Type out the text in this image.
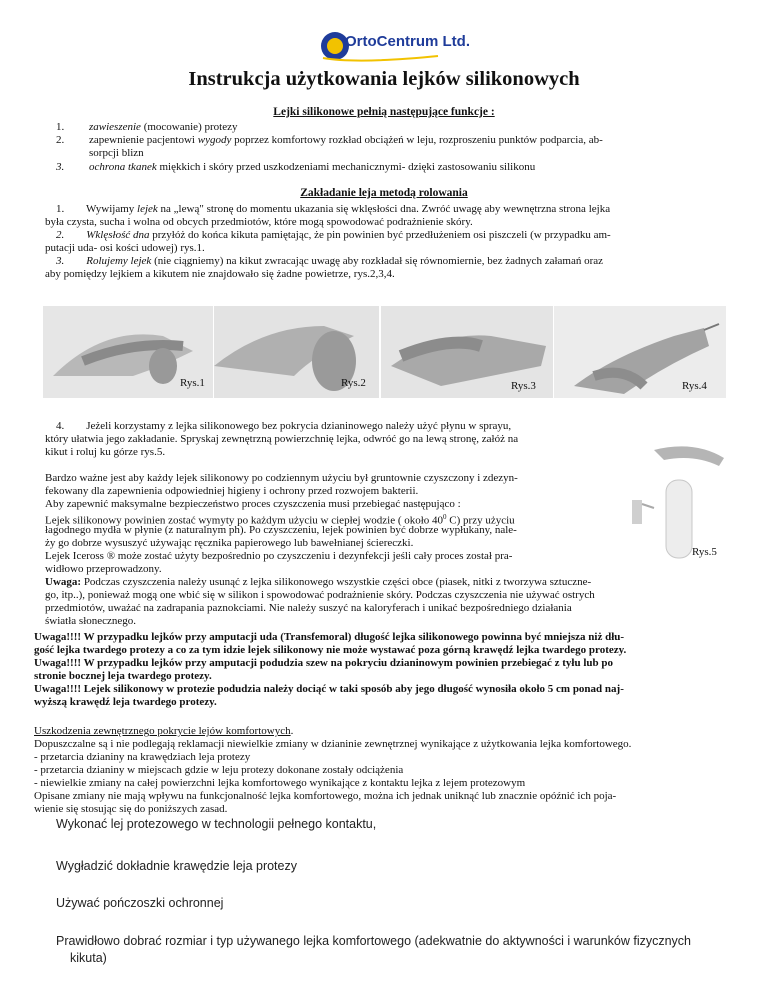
OrtoCentrum Ltd.
Instrukcja użytkowania lejków silikonowych
Lejki silikonowe pełnią następujące funkcje :
1. zawieszenie (mocowanie) protezy
2. zapewnienie pacjentowi wygody poprzez komfortowy rozkład obciążeń w leju, rozproszeniu punktów podparcia, ab-
sorpcji blizn
3. ochrona tkanek miękkich i skóry przed uszkodzeniami mechanicznymi- dzięki zastosowaniu silikonu
Zakładanie leja metodą rolowania
1.        Wywijamy lejek na „lewą" stronę do momentu ukazania się wklęsłości dna. Zwróć uwagę aby wewnętrzna strona lejka
była czysta, sucha i wolna od obcych przedmiotów, które mogą spowodować podrażnienie skóry.
2.        Wklęsłość dna przyłóż do końca kikuta pamiętając, że pin powinien być przedłużeniem osi piszczeli (w przypadku am-
putacji uda- osi kości udowej) rys.1.
3.        Rolujemy lejek (nie ciągniemy) na kikut zwracając uwagę aby rozkładał się równomiernie, bez żadnych załamań oraz
aby pomiędzy lejkiem a kikutem nie znajdowało się żadne powietrze, rys.2,3,4.
Rys.1	Rys.2	Rys.3	Rys.4
4.        Jeżeli korzystamy z lejka silikonowego bez pokrycia dzianinowego należy użyć płynu w sprayu,
który ułatwia jego zakładanie. Spryskaj zewnętrzną powierzchnię lejka, odwróć go na lewą stronę, załóż na
kikut i roluj ku górze rys.5.
Rys.5
Bardzo ważne jest aby każdy lejek silikonowy po codziennym użyciu był gruntownie czyszczony i zdezyn-
fekowany dla zapewnienia odpowiedniej higieny i ochrony przed rozwojem bakterii.
Aby zapewnić maksymalne bezpieczeństwo proces czyszczenia musi przebiegać następująco :
Lejek silikonowy powinien zostać wymyty po każdym użyciu w ciepłej wodzie ( około $40^0$ C) przy użyciu
łagodnego mydła w płynie (z naturalnym ph). Po czyszczeniu, lejek powinien być dobrze wypłukany, nale-
ży go dobrze wysuszyć używając ręcznika papierowego lub bawełnianej ściereczki.
Lejek Iceross ® może zostać użyty bezpośrednio po czyszczeniu i dezynfekcji jeśli cały proces został pra-
widłowo przeprowadzony.
Uwaga: Podczas czyszczenia należy usunąć z lejka silikonowego wszystkie części obce (piasek, nitki z tworzywa sztuczne-
go, itp..), ponieważ mogą one wbić się w silikon i spowodować podrażnienie skóry. Podczas czyszczenia nie używać ostrych
przedmiotów, uważać na zadrapania paznokciami. Nie należy suszyć na kaloryferach i unikać bezpośredniego działania
światła słonecznego.
Uwaga!!!! W przypadku lejków przy amputacji uda (Transfemoral) długość lejka silikonowego powinna być mniejsza niż dłu-
gość lejka twardego protezy a co za tym idzie lejek silikonowy nie może wystawać poza górną krawędź lejka twardego protezy.
Uwaga!!!! W przypadku lejków przy amputacji podudzia szew na pokryciu dzianinowym powinien przebiegać z tyłu lub po
stronie bocznej leja twardego protezy.
Uwaga!!!! Lejek silikonowy w protezie podudzia należy dociąć w taki sposób aby jego długość wynosiła około 5 cm ponad naj-
wyższą krawędź leja twardego protezy.
Uszkodzenia zewnętrznego pokrycie lejów komfortowych.
Dopuszczalne są i nie podlegają reklamacji niewielkie zmiany w dzianinie zewnętrznej wynikające z użytkowania lejka komfortowego.
- przetarcia dzianiny na krawędziach leja protezy
- przetarcia dzianiny w miejscach gdzie w leju protezy dokonane zostały odciążenia
- niewielkie zmiany na całej powierzchni lejka komfortowego wynikające z kontaktu lejka z lejem protezowym
Opisane zmiany nie mają wpływu na funkcjonalność lejka komfortowego, można ich jednak uniknąć lub znacznie opóźnić ich poja-
wienie się stosując się do poniższych zasad.
Wykonać lej protezowego w technologii pełnego kontaktu,
Wygładzić dokładnie krawędzie leja protezy
Używać pończoszki ochronnej
Prawidłowo dobrać rozmiar i typ używanego lejka komfortowego (adekwatnie do aktywności i warunków fizycznych
kikuta)
